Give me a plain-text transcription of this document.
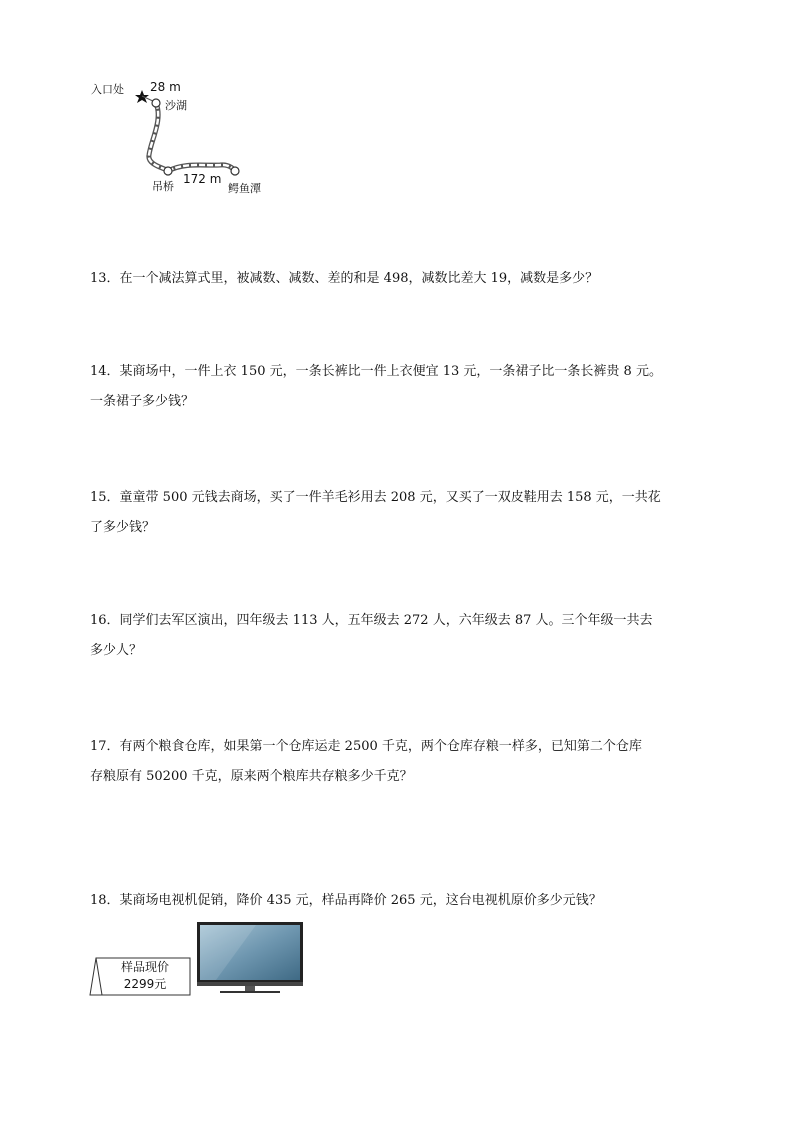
入口处 28 m
沙湖
吊桥
172 m
鳄鱼潭

13．在一个减法算式里，被减数、减数、差的和是 498，减数比差大 19，减数是多少？

14．某商场中，一件上衣 150 元，一条长裤比一件上衣便宜 13 元，一条裙子比一条长裤贵 8 元。

一条裙子多少钱？

15．童童带 500 元钱去商场，买了一件羊毛衫用去 208 元，又买了一双皮鞋用去 158 元，一共花

了多少钱？

16．同学们去军区演出，四年级去 113 人，五年级去 272 人，六年级去 87 人。三个年级一共去

多少人？

17．有两个粮食仓库，如果第一个仓库运走 2500 千克，两个仓库存粮一样多，已知第二个仓库

存粮原有 50200 千克，原来两个粮库共存粮多少千克？

18．某商场电视机促销，降价 435 元，样品再降价 265 元，这台电视机原价多少元钱？

样品现价
2299元
